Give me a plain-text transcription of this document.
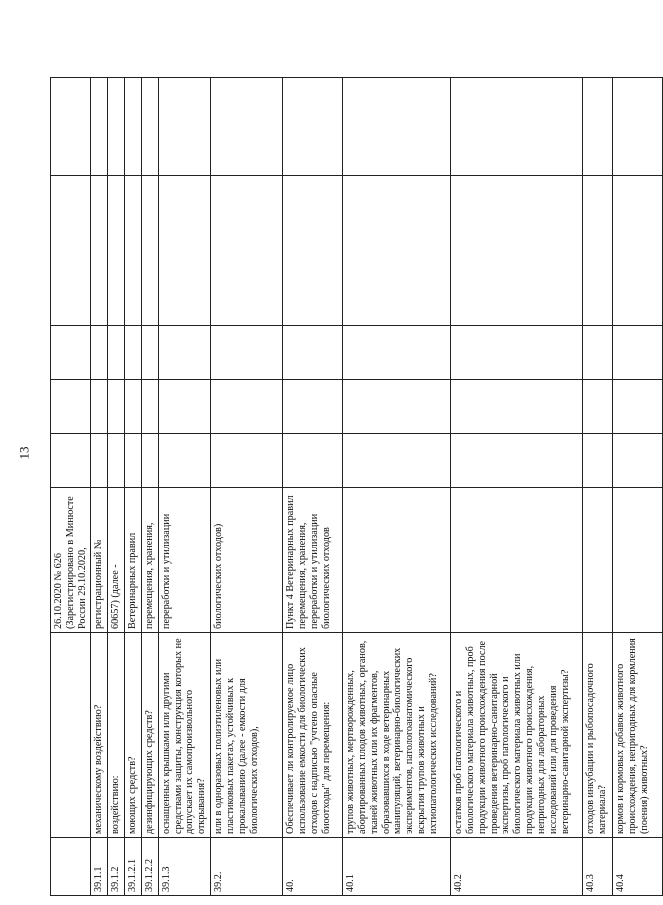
13
		26.10.2020 № 626 (Зарегистрировано в Минюсте России 29.10.2020,					
39.1.1	механическому воздействию?	регистрационный №					
39.1.2	воздействию:	60657) (далее -					
39.1.2.1	моющих средств?	Ветеринарных правил					
39.1.2.2	дезинфицирующих средств?	перемещения, хранения,					
39.1.3	оснащенных крышками или другими средствами защиты, конструкция которых не допускает их самопроизвольного открывания?	переработки и утилизации					
39.2.	или в одноразовых полиэтиленовых или пластиковых пакетах, устойчивых к прокалыванию (далее - емкости для биологических отходов),	биологических отходов)					
40.	Обеспечивает ли контролируемое лицо использование емкости для биологических отходов с надписью "учтено опасные биоотходы" для перемещения:	Пункт 4 Ветеринарных правил перемещения, хранения, переработки и утилизации биологических отходов					
40.1	трупов животных, мертворожденных, абортированных плодов животных, органов, тканей животных или их фрагментов, образовавшихся в ходе ветеринарных манипуляций, ветеринарно-биологических экспериментов, патологоанатомического вскрытия трупов животных и ихтиопатологических исследований?						
40.2	остатков проб патологического и биологического материала животных, проб продукции животного происхождения после проведения ветеринарно-санитарной экспертизы, проб патологического и биологического материала животных или продукции животного происхождения, непригодных для лабораторных исследований или для проведения ветеринарно-санитарной экспертизы?						
40.3	отходов инкубации и рыбопосадочного материала?						
40.4	кормов и кормовых добавок животного происхождения, непригодных для кормления (поения) животных?						
